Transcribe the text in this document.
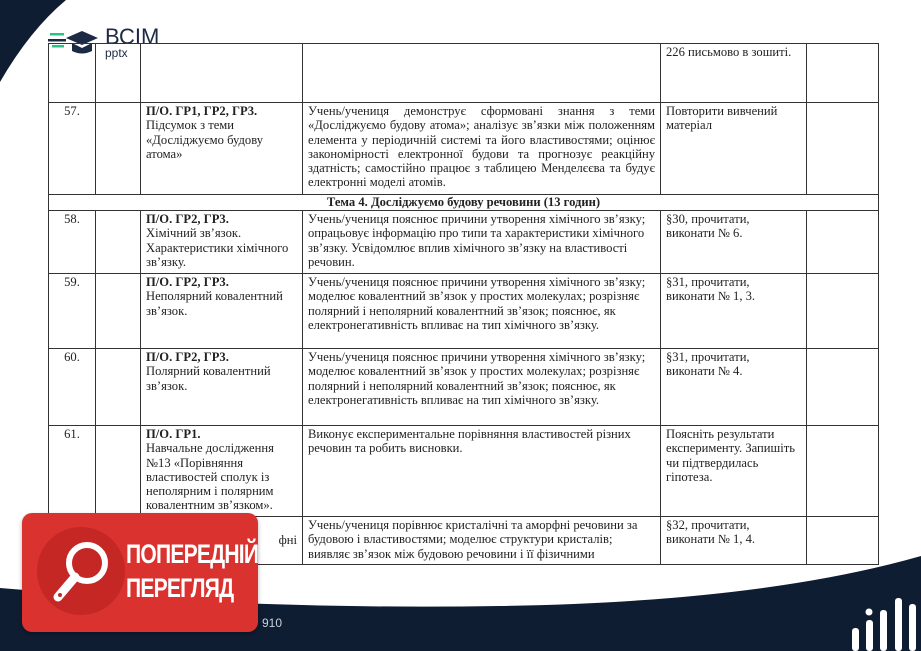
ВСІМ
pptx

			226 письмово в зошиті.	
57.		П/О. ГР1, ГР2, ГР3.
Підсумок з теми «Досліджуємо будову атома»	Учень/учениця демонструє сформовані знання з теми «Досліджуємо будову атома»; аналізує зв’язки між положенням елемента у періодичній системі та його властивостями; оцінює закономірності електронної будови та прогнозує реакційну здатність; самостійно працює з таблицею Менделєєва та будує електронні моделі атомів.	Повторити вивчений матеріал	
Тема 4. Досліджуємо будову речовини (13 годин)					
58.		П/О. ГР2, ГР3.
Хімічний зв’язок. Характеристики хімічного зв’язку.	Учень/учениця пояснює причини утворення хімічного зв’язку; опрацьовує інформацію про типи та характеристики хімічного зв’язку. Усвідомлює вплив хімічного зв’язку на властивості речовин.	§30, прочитати, виконати № 6.	
59.		П/О. ГР2, ГР3.
Неполярний ковалентний зв’язок.	Учень/учениця пояснює причини утворення хімічного зв’язку; моделює ковалентний зв’язок у простих молекулах; розрізняє полярний і неполярний ковалентний зв’язок; пояснює, як електронегативність впливає на тип хімічного зв’язку.	§31, прочитати, виконати № 1, 3.	
60.		П/О. ГР2, ГР3.
Полярний ковалентний зв’язок.	Учень/учениця пояснює причини утворення хімічного зв’язку; моделює ковалентний зв’язок у простих молекулах; розрізняє полярний і неполярний ковалентний зв’язок; пояснює, як електронегативність впливає на тип хімічного зв’язку.	§31, прочитати, виконати № 4.	
61.		П/О. ГР1.
Навчальне дослідження №13 «Порівняння властивостей сполук із неполярним і полярним ковалентним зв’язком».	Виконує експериментальне порівняння властивостей різних речовин та робить висновки.	Поясніть результати експерименту. Запишіть чи підтвердилась гіпотеза.	

		фні	Учень/учениця порівнює кристалічні та аморфні речовини за будовою і властивостями; моделює структури кристалів; виявляє зв’язок між будовою речовини і її фізичними	§32, прочитати, виконати № 1, 4.	
ПОПЕРЕДНІЙ
ПЕРЕГЛЯД
910
